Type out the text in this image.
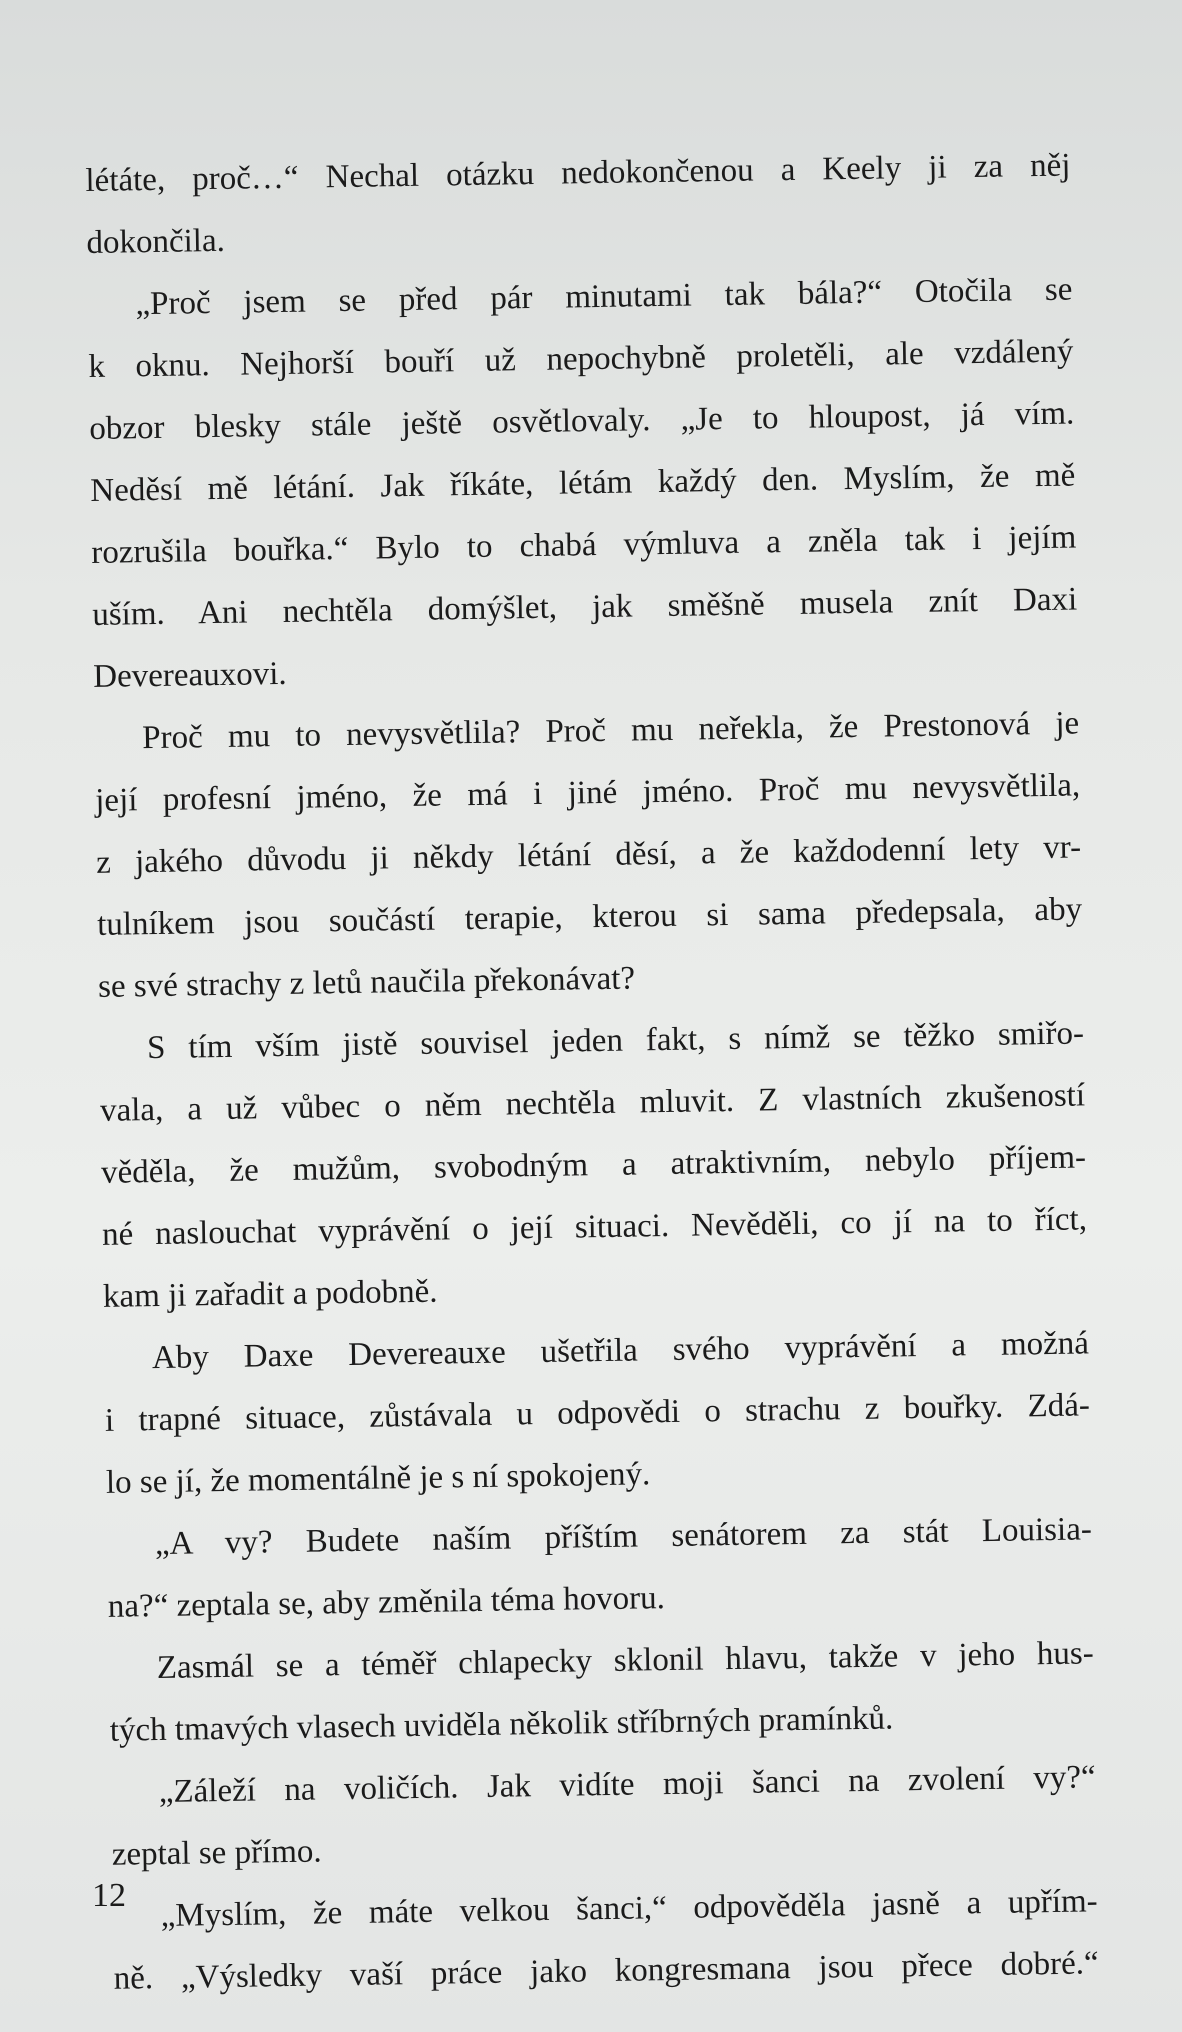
létáte, proč…“ Nechal otázku nedokončenou a Keely ji za něj
dokončila.
„Proč jsem se před pár minutami tak bála?“ Otočila se
k oknu. Nejhorší bouří už nepochybně proletěli, ale vzdálený
obzor blesky stále ještě osvětlovaly. „Je to hloupost, já vím.
Neděsí mě létání. Jak říkáte, létám každý den. Myslím, že mě
rozrušila bouřka.“ Bylo to chabá výmluva a zněla tak i jejím
uším. Ani nechtěla domýšlet, jak směšně musela znít Daxi
Devereauxovi.
Proč mu to nevysvětlila? Proč mu neřekla, že Prestonová je
její profesní jméno, že má i jiné jméno. Proč mu nevysvětlila,
z jakého důvodu ji někdy létání děsí, a že každodenní lety vr-
tulníkem jsou součástí terapie, kterou si sama předepsala, aby
se své strachy z letů naučila překonávat?
S tím vším jistě souvisel jeden fakt, s nímž se těžko smiřo-
vala, a už vůbec o něm nechtěla mluvit. Z vlastních zkušeností
věděla, že mužům, svobodným a atraktivním, nebylo příjem-
né naslouchat vyprávění o její situaci. Nevěděli, co jí na to říct,
kam ji zařadit a podobně.
Aby Daxe Devereauxe ušetřila svého vyprávění a možná
i trapné situace, zůstávala u odpovědi o strachu z bouřky. Zdá-
lo se jí, že momentálně je s ní spokojený.
„A vy? Budete naším příštím senátorem za stát Louisia-
na?“ zeptala se, aby změnila téma hovoru.
Zasmál se a téměř chlapecky sklonil hlavu, takže v jeho hus-
tých tmavých vlasech uviděla několik stříbrných pramínků.
„Záleží na voličích. Jak vidíte moji šanci na zvolení vy?“
zeptal se přímo.
„Myslím, že máte velkou šanci,“ odpověděla jasně a upřím-
ně. „Výsledky vaší práce jako kongresmana jsou přece dobré.“
12
